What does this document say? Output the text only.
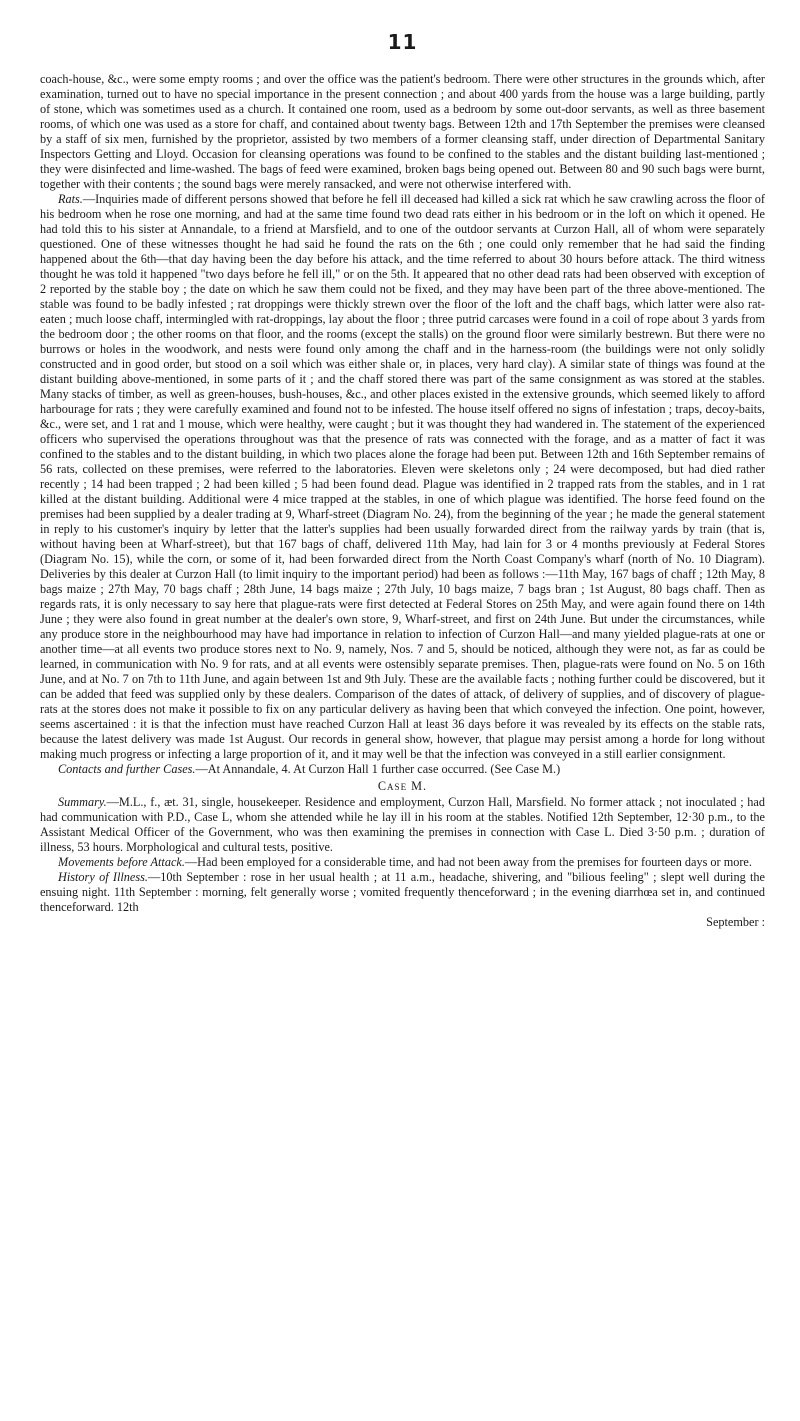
11

coach-house, &c., were some empty rooms ; and over the office was the patient's bedroom. There were other structures in the grounds which, after examination, turned out to have no special importance in the present connection ; and about 400 yards from the house was a large building, partly of stone, which was sometimes used as a church. It contained one room, used as a bedroom by some out-door servants, as well as three basement rooms, of which one was used as a store for chaff, and contained about twenty bags. Between 12th and 17th September the premises were cleansed by a staff of six men, furnished by the proprietor, assisted by two members of a former cleansing staff, under direction of Departmental Sanitary Inspectors Getting and Lloyd. Occasion for cleansing operations was found to be confined to the stables and the distant building last-mentioned ; they were disinfected and lime-washed. The bags of feed were examined, broken bags being opened out. Between 80 and 90 such bags were burnt, together with their contents ; the sound bags were merely ransacked, and were not otherwise interfered with.

Rats.—Inquiries made of different persons showed that before he fell ill deceased had killed a sick rat which he saw crawling across the floor of his bedroom when he rose one morning, and had at the same time found two dead rats either in his bedroom or in the loft on which it opened. He had told this to his sister at Annandale, to a friend at Marsfield, and to one of the outdoor servants at Curzon Hall, all of whom were separately questioned. One of these witnesses thought he had said he found the rats on the 6th ; one could only remember that he had said the finding happened about the 6th—that day having been the day before his attack, and the time referred to about 30 hours before attack. The third witness thought he was told it happened "two days before he fell ill," or on the 5th. It appeared that no other dead rats had been observed with exception of 2 reported by the stable boy ; the date on which he saw them could not be fixed, and they may have been part of the three above-mentioned. The stable was found to be badly infested ; rat droppings were thickly strewn over the floor of the loft and the chaff bags, which latter were also rat-eaten ; much loose chaff, intermingled with rat-droppings, lay about the floor ; three putrid carcases were found in a coil of rope about 3 yards from the bedroom door ; the other rooms on that floor, and the rooms (except the stalls) on the ground floor were similarly bestrewn. But there were no burrows or holes in the woodwork, and nests were found only among the chaff and in the harness-room (the buildings were not only solidly constructed and in good order, but stood on a soil which was either shale or, in places, very hard clay). A similar state of things was found at the distant building above-mentioned, in some parts of it ; and the chaff stored there was part of the same consignment as was stored at the stables. Many stacks of timber, as well as green-houses, bush-houses, &c., and other places existed in the extensive grounds, which seemed likely to afford harbourage for rats ; they were carefully examined and found not to be infested. The house itself offered no signs of infestation ; traps, decoy-baits, &c., were set, and 1 rat and 1 mouse, which were healthy, were caught ; but it was thought they had wandered in. The statement of the experienced officers who supervised the operations throughout was that the presence of rats was connected with the forage, and as a matter of fact it was confined to the stables and to the distant building, in which two places alone the forage had been put. Between 12th and 16th September remains of 56 rats, collected on these premises, were referred to the laboratories. Eleven were skeletons only ; 24 were decomposed, but had died rather recently ; 14 had been trapped ; 2 had been killed ; 5 had been found dead. Plague was identified in 2 trapped rats from the stables, and in 1 rat killed at the distant building. Additional were 4 mice trapped at the stables, in one of which plague was identified. The horse feed found on the premises had been supplied by a dealer trading at 9, Wharf-street (Diagram No. 24), from the beginning of the year ; he made the general statement in reply to his customer's inquiry by letter that the latter's supplies had been usually forwarded direct from the railway yards by train (that is, without having been at Wharf-street), but that 167 bags of chaff, delivered 11th May, had lain for 3 or 4 months previously at Federal Stores (Diagram No. 15), while the corn, or some of it, had been forwarded direct from the North Coast Company's wharf (north of No. 10 Diagram). Deliveries by this dealer at Curzon Hall (to limit inquiry to the important period) had been as follows :—11th May, 167 bags of chaff ; 12th May, 8 bags maize ; 27th May, 70 bags chaff ; 28th June, 14 bags maize ; 27th July, 10 bags maize, 7 bags bran ; 1st August, 80 bags chaff. Then as regards rats, it is only necessary to say here that plague-rats were first detected at Federal Stores on 25th May, and were again found there on 14th June ; they were also found in great number at the dealer's own store, 9, Wharf-street, and first on 24th June. But under the circumstances, while any produce store in the neighbourhood may have had importance in relation to infection of Curzon Hall—and many yielded plague-rats at one or another time—at all events two produce stores next to No. 9, namely, Nos. 7 and 5, should be noticed, although they were not, as far as could be learned, in communication with No. 9 for rats, and at all events were ostensibly separate premises. Then, plague-rats were found on No. 5 on 16th June, and at No. 7 on 7th to 11th June, and again between 1st and 9th July. These are the available facts ; nothing further could be discovered, but it can be added that feed was supplied only by these dealers. Comparison of the dates of attack, of delivery of supplies, and of discovery of plague-rats at the stores does not make it possible to fix on any particular delivery as having been that which conveyed the infection. One point, however, seems ascertained : it is that the infection must have reached Curzon Hall at least 36 days before it was revealed by its effects on the stable rats, because the latest delivery was made 1st August. Our records in general show, however, that plague may persist among a horde for long without making much progress or infecting a large proportion of it, and it may well be that the infection was conveyed in a still earlier consignment.

Contacts and further Cases.—At Annandale, 4. At Curzon Hall 1 further case occurred. (See Case M.)

Case M.

Summary.—M.L., f., æt. 31, single, housekeeper. Residence and employment, Curzon Hall, Marsfield. No former attack ; not inoculated ; had had communication with P.D., Case L, whom she attended while he lay ill in his room at the stables. Notified 12th September, 12·30 p.m., to the Assistant Medical Officer of the Government, who was then examining the premises in connection with Case L. Died 3·50 p.m. ; duration of illness, 53 hours. Morphological and cultural tests, positive.

Movements before Attack.—Had been employed for a considerable time, and had not been away from the premises for fourteen days or more.

History of Illness.—10th September : rose in her usual health ; at 11 a.m., headache, shivering, and "bilious feeling" ; slept well during the ensuing night. 11th September : morning, felt generally worse ; vomited frequently thenceforward ; in the evening diarrhœa set in, and continued thenceforward. 12th

September :
